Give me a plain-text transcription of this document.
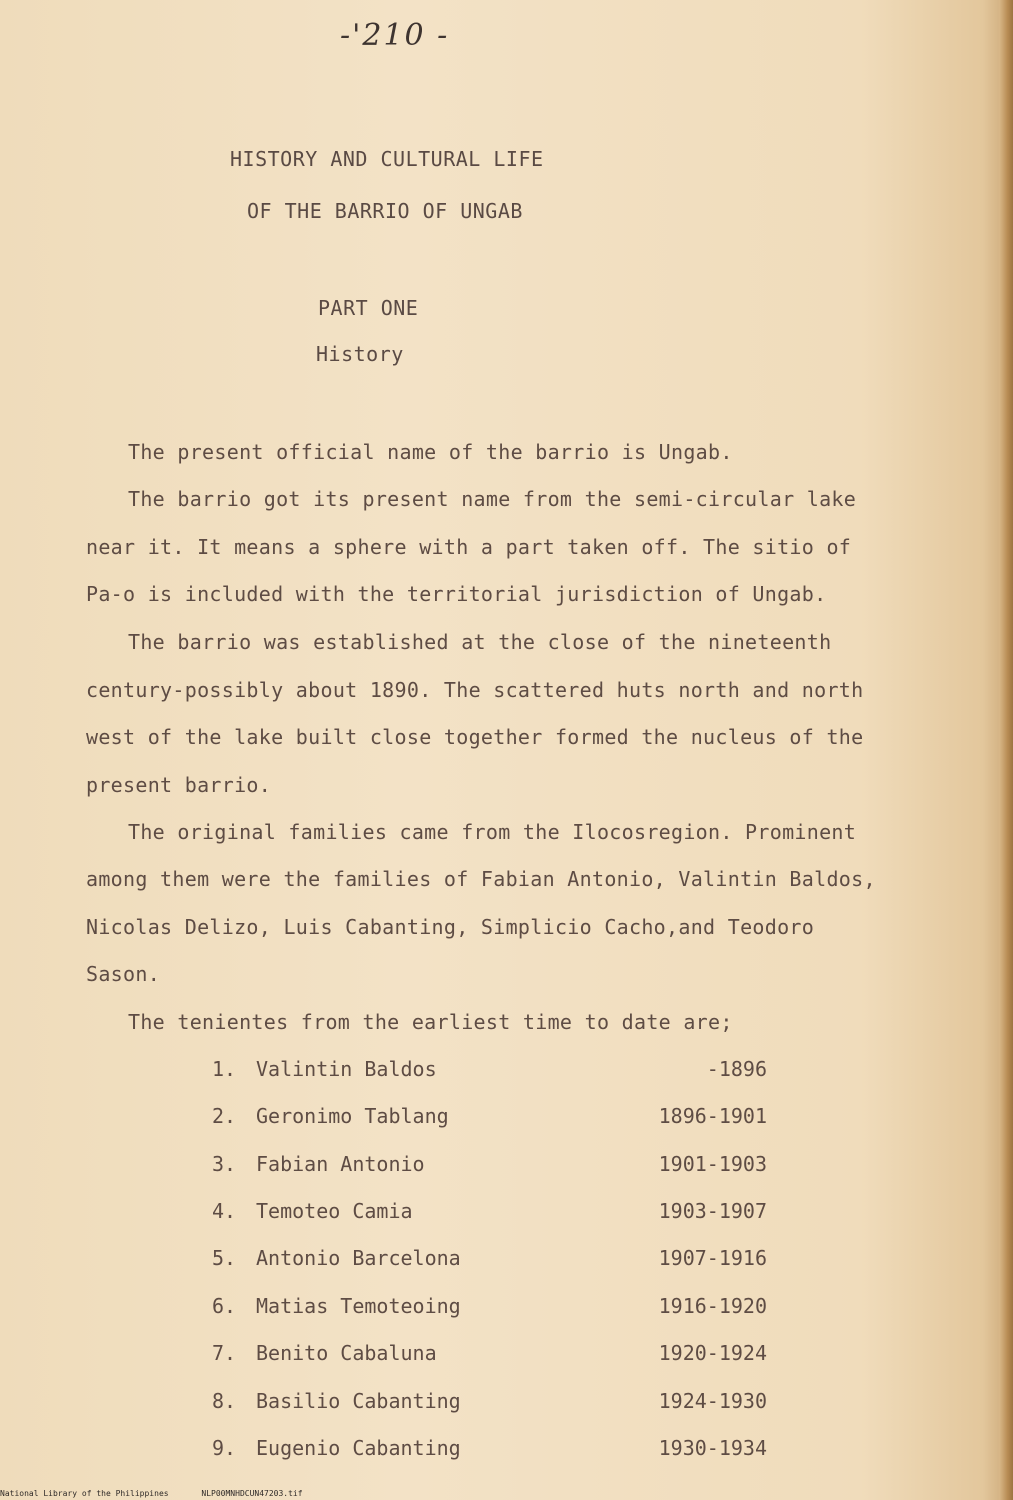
-'210 -
HISTORY AND CULTURAL LIFE
OF THE BARRIO OF UNGAB
PART ONE
History
The present official name of the barrio is Ungab.
The barrio got its present name from the semi-circular lake
near it. It means a sphere with a part taken off. The sitio of
Pa-o is included with the territorial jurisdiction of Ungab.
The barrio was established at the close of the nineteenth
century-possibly about 1890. The scattered huts north and north
west of the lake built close together formed the nucleus of the
present barrio.
The original families came from the Ilocosregion. Prominent
among them were the families of Fabian Antonio, Valintin Baldos,
Nicolas Delizo, Luis Cabanting, Simplicio Cacho,and Teodoro
Sason.
The tenientes from the earliest time to date are;
1. Valintin Baldos	-1896
2. Geronimo Tablang	1896-1901
3. Fabian Antonio	1901-1903
4. Temoteo Camia	1903-1907
5. Antonio Barcelona	1907-1916
6. Matias Temoteoing	1916-1920
7. Benito Cabaluna	1920-1924
8. Basilio Cabanting	1924-1930
9. Eugenio Cabanting	1930-1934
National Library of the Philippines	NLP00MNHDCUN47203.tif
